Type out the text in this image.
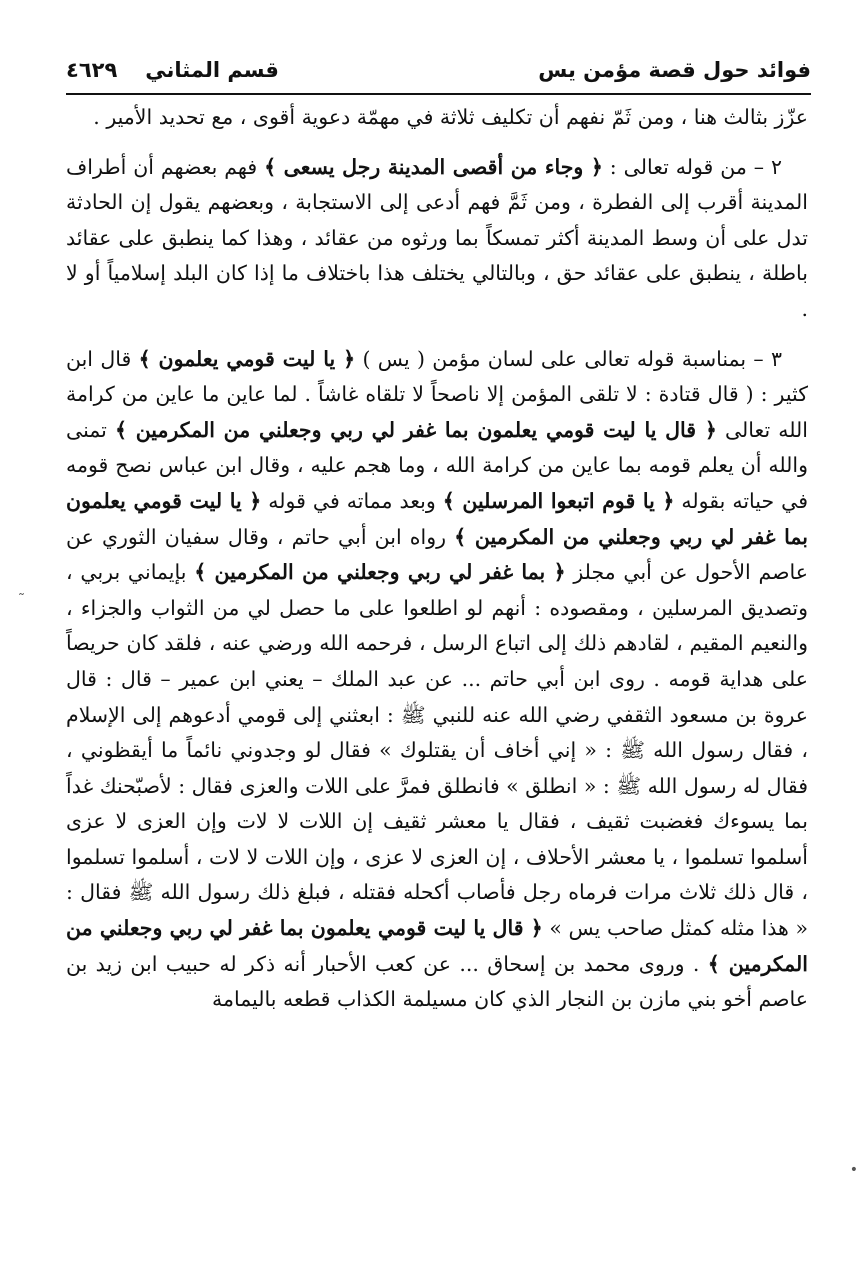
فوائد حول قصة مؤمن يس
قسم المثاني
٤٦٢٩

عزّز بثالث هنا ، ومن ثَمّ نفهم أن تكليف ثلاثة في مهمّة دعوية أقوى ، مع تحديد الأمير .

٢ – من قوله تعالى : ﴿ وجاء من أقصى المدينة رجل يسعى ﴾ فهم بعضهم أن أطراف المدينة أقرب إلى الفطرة ، ومن ثَمَّ فهم أدعى إلى الاستجابة ، وبعضهم يقول إن الحادثة تدل على أن وسط المدينة أكثر تمسكاً بما ورثوه من عقائد ، وهذا كما ينطبق على عقائد باطلة ، ينطبق على عقائد حق ، وبالتالي يختلف هذا باختلاف ما إذا كان البلد إسلامياً أو لا .

٣ – بمناسبة قوله تعالى على لسان مؤمن ( يس ) ﴿ يا ليت قومي يعلمون ﴾ قال ابن كثير : ( قال قتادة : لا تلقى المؤمن إلا ناصحاً لا تلقاه غاشاً . لما عاين ما عاين من كرامة الله تعالى ﴿ قال يا ليت قومي يعلمون بما غفر لي ربي وجعلني من المكرمين ﴾ تمنى والله أن يعلم قومه بما عاين من كرامة الله ، وما هجم عليه ، وقال ابن عباس نصح قومه في حياته بقوله ﴿ يا قوم اتبعوا المرسلين ﴾ وبعد مماته في قوله ﴿ يا ليت قومي يعلمون بما غفر لي ربي وجعلني من المكرمين ﴾ رواه ابن أبي حاتم ، وقال سفيان الثوري عن عاصم الأحول عن أبي مجلز ﴿ بما غفر لي ربي وجعلني من المكرمين ﴾ بإيماني بربي ، وتصديق المرسلين ، ومقصوده : أنهم لو اطلعوا على ما حصل لي من الثواب والجزاء ، والنعيم المقيم ، لقادهم ذلك إلى اتباع الرسل ، فرحمه الله ورضي عنه ، فلقد كان حريصاً على هداية قومه . روى ابن أبي حاتم ... عن عبد الملك – يعني ابن عمير – قال : قال عروة بن مسعود الثقفي رضي الله عنه للنبي ﷺ : ابعثني إلى قومي أدعوهم إلى الإسلام ، فقال رسول الله ﷺ : « إني أخاف أن يقتلوك » فقال لو وجدوني نائماً ما أيقظوني ، فقال له رسول الله ﷺ : « انطلق » فانطلق فمرَّ على اللات والعزى فقال : لأصبّحنك غداً بما يسوءك فغضبت ثقيف ، فقال يا معشر ثقيف إن اللات لا لات وإن العزى لا عزى أسلموا تسلموا ، يا معشر الأحلاف ، إن العزى لا عزى ، وإن اللات لا لات ، أسلموا تسلموا ، قال ذلك ثلاث مرات فرماه رجل فأصاب أكحله فقتله ، فبلغ ذلك رسول الله ﷺ فقال : « هذا مثله كمثل صاحب يس » ﴿ قال يا ليت قومي يعلمون بما غفر لي ربي وجعلني من المكرمين ﴾ . وروى محمد بن إسحاق ... عن كعب الأحبار أنه ذكر له حبيب ابن زيد بن عاصم أخو بني مازن بن النجار الذي كان مسيلمة الكذاب قطعه باليمامة

˜
•
